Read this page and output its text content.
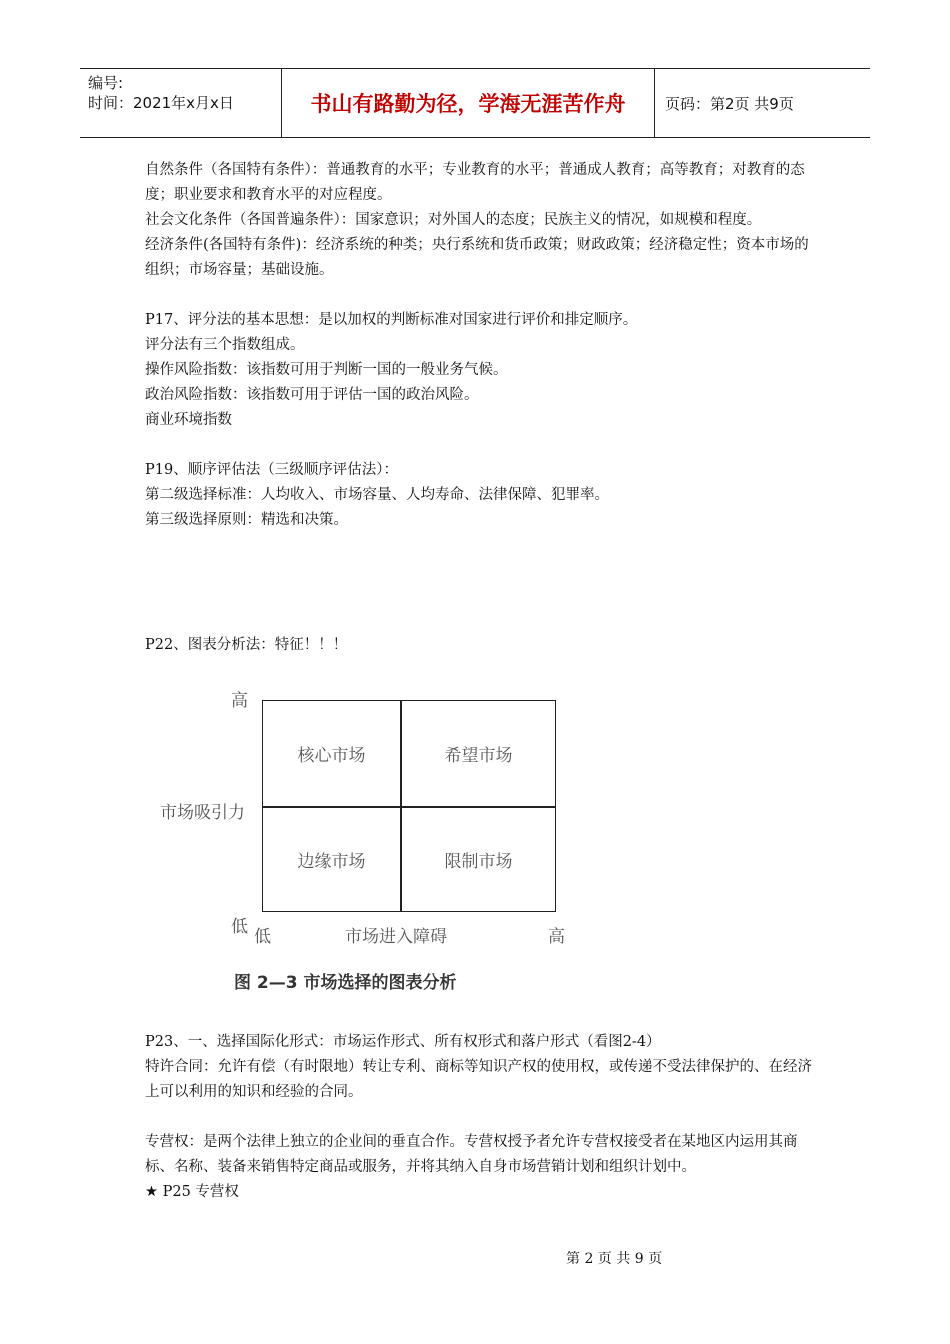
编号:
时间：2021年x月x日	书山有路勤为径，学海无涯苦作舟	页码：第2页 共9页

自然条件（各国特有条件）：普通教育的水平；专业教育的水平；普通成人教育；高等教育；对教育的态度；职业要求和教育水平的对应程度。

社会文化条件（各国普遍条件）：国家意识；对外国人的态度；民族主义的情况，如规模和程度。

经济条件(各国特有条件)：经济系统的种类；央行系统和货币政策；财政政策；经济稳定性；资本市场的组织；市场容量；基础设施。

P17、评分法的基本思想：是以加权的判断标准对国家进行评价和排定顺序。

评分法有三个指数组成。

操作风险指数：该指数可用于判断一国的一般业务气候。

政治风险指数：该指数可用于评估一国的政治风险。

商业环境指数

P19、顺序评估法（三级顺序评估法）：

第二级选择标准：人均收入、市场容量、人均寿命、法律保障、犯罪率。

第三级选择原则：精选和决策。

P22、图表分析法：特征！！！

高
市场吸引力
低
核心市场	希望市场
边缘市场	限制市场
低	市场进入障碍	高
图 2—3 市场选择的图表分析

P23、一、选择国际化形式：市场运作形式、所有权形式和落户形式（看图2-4）

特许合同：允许有偿（有时限地）转让专利、商标等知识产权的使用权，或传递不受法律保护的、在经济上可以利用的知识和经验的合同。

专营权：是两个法律上独立的企业间的垂直合作。专营权授予者允许专营权接受者在某地区内运用其商标、名称、装备来销售特定商品或服务，并将其纳入自身市场营销计划和组织计划中。

★ P25 专营权

第 2 页 共 9 页
